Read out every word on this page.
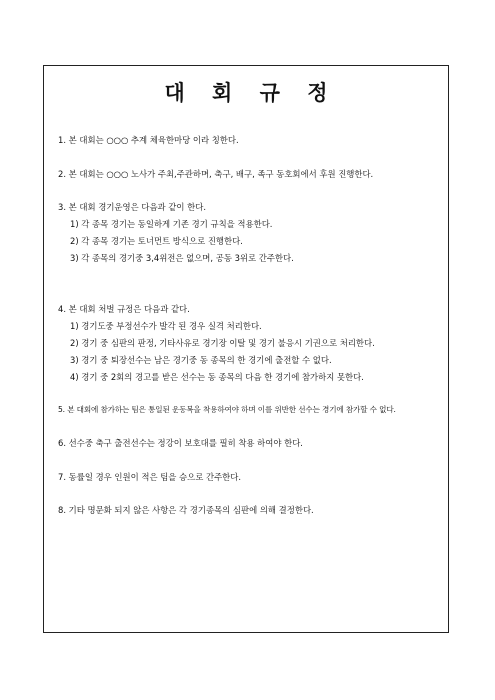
대 회 규 정
1. 본 대회는 ○○○ 추계 체육한마당 이라 칭한다.
2. 본 대회는 ○○○ 노사가 주최,주관하며, 축구, 배구, 족구 동호회에서 후원 진행한다.
3. 본 대회 경기운영은 다음과 같이 한다.
1) 각 종목 경기는 동일하게 기존 경기 규칙을 적용한다.
2) 각 종목 경기는 토너먼트 방식으로 진행한다.
3) 각 종목의 경기중 3,4위전은 없으며, 공동 3위로 간주한다.
4. 본 대회 처벌 규정은 다음과 같다.
1) 경기도중 부정선수가 발각 된 경우 실격 처리한다.
2) 경기 중 심판의 판정, 기타사유로 경기장 이탈 및 경기 불응시 기권으로 처리한다.
3) 경기 중 퇴장선수는 남은 경기중 동 종목의 한 경기에 출전할 수 없다.
4) 경기 중 2회의 경고를 받은 선수는 동 종목의 다음 한 경기에 참가하지 못한다.
5. 본 대회에 참가하는 팀은 통일된 운동복을 착용하여야 하며 이를 위반한 선수는 경기에 참가할 수 없다.
6. 선수중 축구 출전선수는 정강이 보호대를 필히 착용 하여야 한다.
7. 동률일 경우 인원이 적은 팀을 승으로 간주한다.
8. 기타 명문화 되지 않은 사항은 각 경기종목의 심판에 의해 결정한다.
